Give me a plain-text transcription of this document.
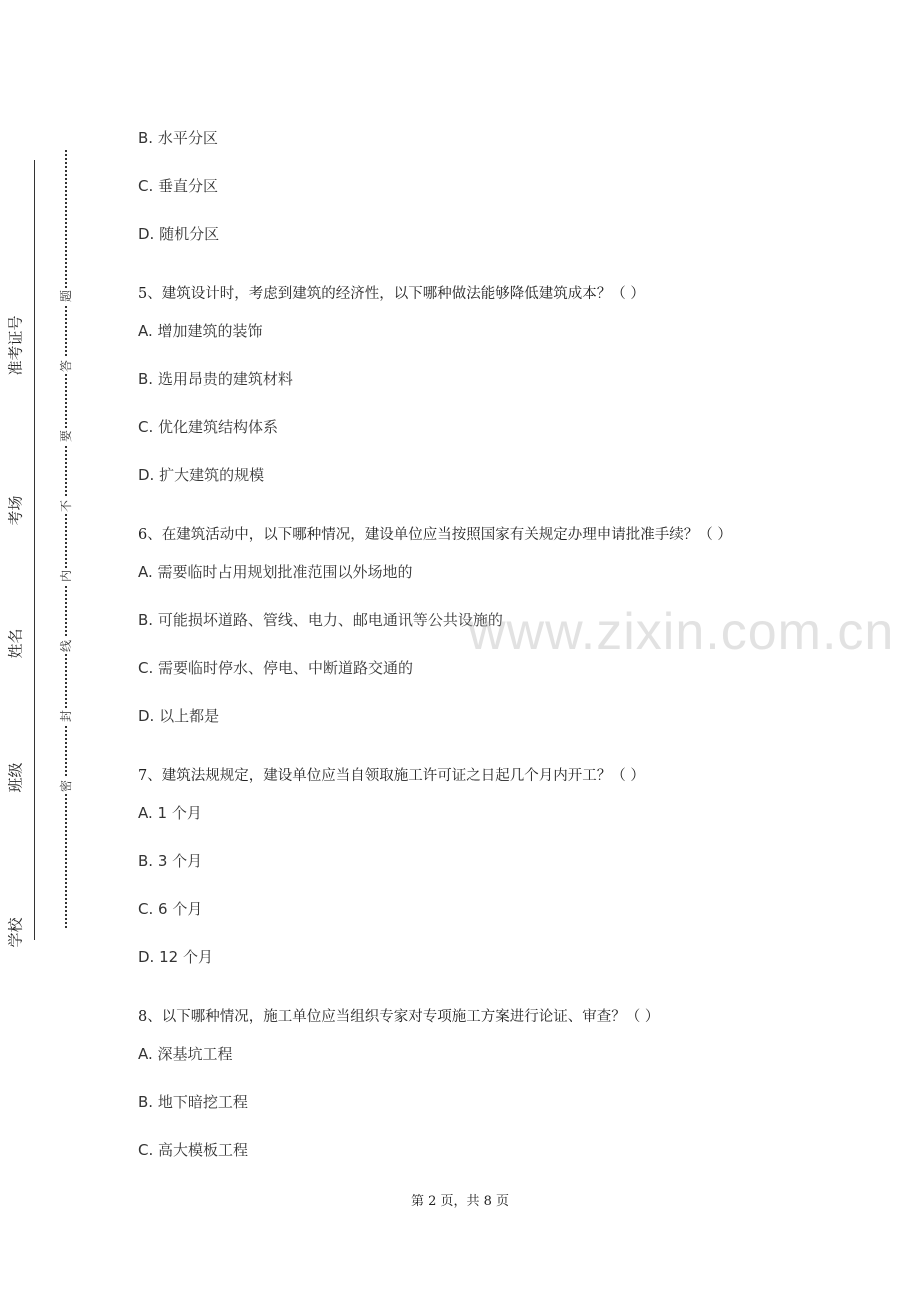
准考证号
考场
姓名
班级
学校
题
答
要
不
内
线
封
密
B. 水平分区
C. 垂直分区
D. 随机分区
5、建筑设计时，考虑到建筑的经济性，以下哪种做法能够降低建筑成本？（ ）
A. 增加建筑的装饰
B. 选用昂贵的建筑材料
C. 优化建筑结构体系
D. 扩大建筑的规模
6、在建筑活动中，以下哪种情况，建设单位应当按照国家有关规定办理申请批准手续？（ ）
A. 需要临时占用规划批准范围以外场地的
B. 可能损坏道路、管线、电力、邮电通讯等公共设施的
C. 需要临时停水、停电、中断道路交通的
D. 以上都是
7、建筑法规规定，建设单位应当自领取施工许可证之日起几个月内开工？（ ）
A. 1 个月
B. 3 个月
C. 6 个月
D. 12 个月
8、以下哪种情况，施工单位应当组织专家对专项施工方案进行论证、审查？（ ）
A. 深基坑工程
B. 地下暗挖工程
C. 高大模板工程
www.zixin.com.cn
第 2 页，共 8 页
